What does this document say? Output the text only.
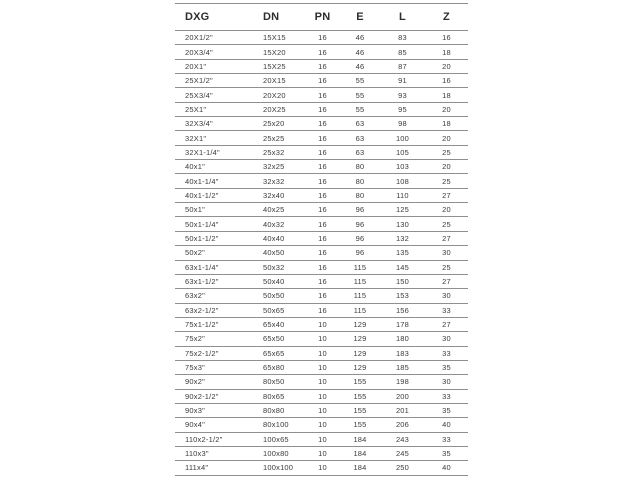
DXG	DN	PN	E	L	Z
20X1/2"	15X15	16	46	83	16
20X3/4"	15X20	16	46	85	18
20X1"	15X25	16	46	87	20
25X1/2"	20X15	16	55	91	16
25X3/4"	20X20	16	55	93	18
25X1"	20X25	16	55	95	20
32X3/4"	25x20	16	63	98	18
32X1"	25x25	16	63	100	20
32X1-1/4"	25x32	16	63	105	25
40x1"	32x25	16	80	103	20
40x1-1/4"	32x32	16	80	108	25
40x1-1/2"	32x40	16	80	110	27
50x1"	40x25	16	96	125	20
50x1-1/4"	40x32	16	96	130	25
50x1-1/2"	40x40	16	96	132	27
50x2"	40x50	16	96	135	30
63x1-1/4"	50x32	16	115	145	25
63x1-1/2"	50x40	16	115	150	27
63x2"	50x50	16	115	153	30
63x2-1/2"	50x65	16	115	156	33
75x1-1/2"	65x40	10	129	178	27
75x2"	65x50	10	129	180	30
75x2-1/2"	65x65	10	129	183	33
75x3"	65x80	10	129	185	35
90x2"	80x50	10	155	198	30
90x2-1/2"	80x65	10	155	200	33
90x3"	80x80	10	155	201	35
90x4"	80x100	10	155	206	40
110x2-1/2"	100x65	10	184	243	33
110x3"	100x80	10	184	245	35
111x4"	100x100	10	184	250	40
